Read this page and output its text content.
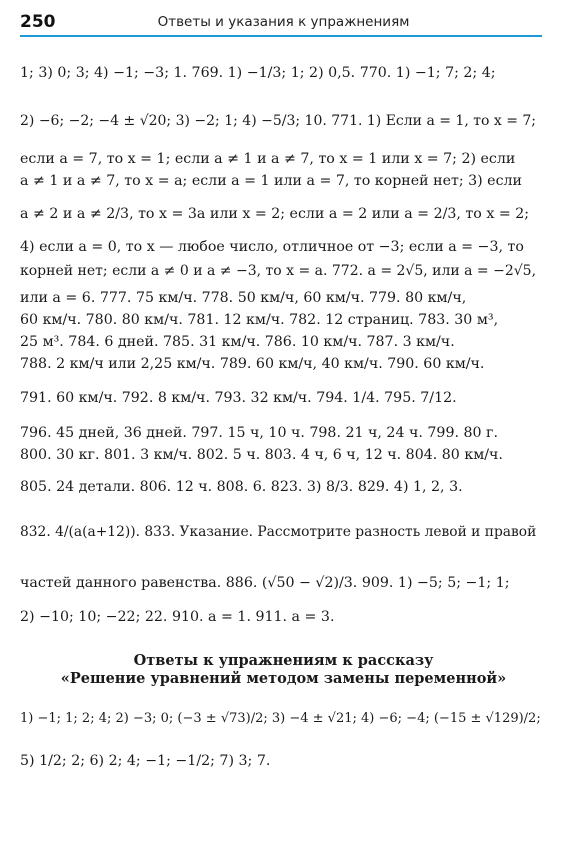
250	Ответы и указания к упражнениям
1; 3) 0; 3; 4) −1; −3; 1. 769. 1) −1/3; 1; 2) 0,5. 770. 1) −1; 7; 2; 4;
2) −6; −2; −4 ± √20; 3) −2; 1; 4) −5/3; 10. 771. 1) Если a = 1, то x = 7;
если a = 7, то x = 1; если a ≠ 1 и a ≠ 7, то x = 1 или x = 7; 2) если
a ≠ 1 и a ≠ 7, то x = a; если a = 1 или a = 7, то корней нет; 3) если
a ≠ 2 и a ≠ 2/3, то x = 3a или x = 2; если a = 2 или a = 2/3, то x = 2;
4) если a = 0, то x — любое число, отличное от −3; если a = −3, то
корней нет; если a ≠ 0 и a ≠ −3, то x = a. 772. a = 2√5, или a = −2√5,
или a = 6. 777. 75 км/ч. 778. 50 км/ч, 60 км/ч. 779. 80 км/ч,
60 км/ч. 780. 80 км/ч. 781. 12 км/ч. 782. 12 страниц. 783. 30 м³,
25 м³. 784. 6 дней. 785. 31 км/ч. 786. 10 км/ч. 787. 3 км/ч.
788. 2 км/ч или 2,25 км/ч. 789. 60 км/ч, 40 км/ч. 790. 60 км/ч.
791. 60 км/ч. 792. 8 км/ч. 793. 32 км/ч. 794. 1/4. 795. 7/12.
796. 45 дней, 36 дней. 797. 15 ч, 10 ч. 798. 21 ч, 24 ч. 799. 80 г.
800. 30 кг. 801. 3 км/ч. 802. 5 ч. 803. 4 ч, 6 ч, 12 ч. 804. 80 км/ч.
805. 24 детали. 806. 12 ч. 808. 6. 823. 3) 8/3. 829. 4) 1, 2, 3.
832. 4/(a(a+12)). 833. Указание. Рассмотрите разность левой и правой
частей данного равенства. 886. (√50 − √2)/3. 909. 1) −5; 5; −1; 1;
2) −10; 10; −22; 22. 910. a = 1. 911. a = 3.
Ответы к упражнениям к рассказу
«Решение уравнений методом замены переменной»
1) −1; 1; 2; 4; 2) −3; 0; (−3 ± √73)/2; 3) −4 ± √21; 4) −6; −4; (−15 ± √129)/2;
5) 1/2; 2; 6) 2; 4; −1; −1/2; 7) 3; 7.
